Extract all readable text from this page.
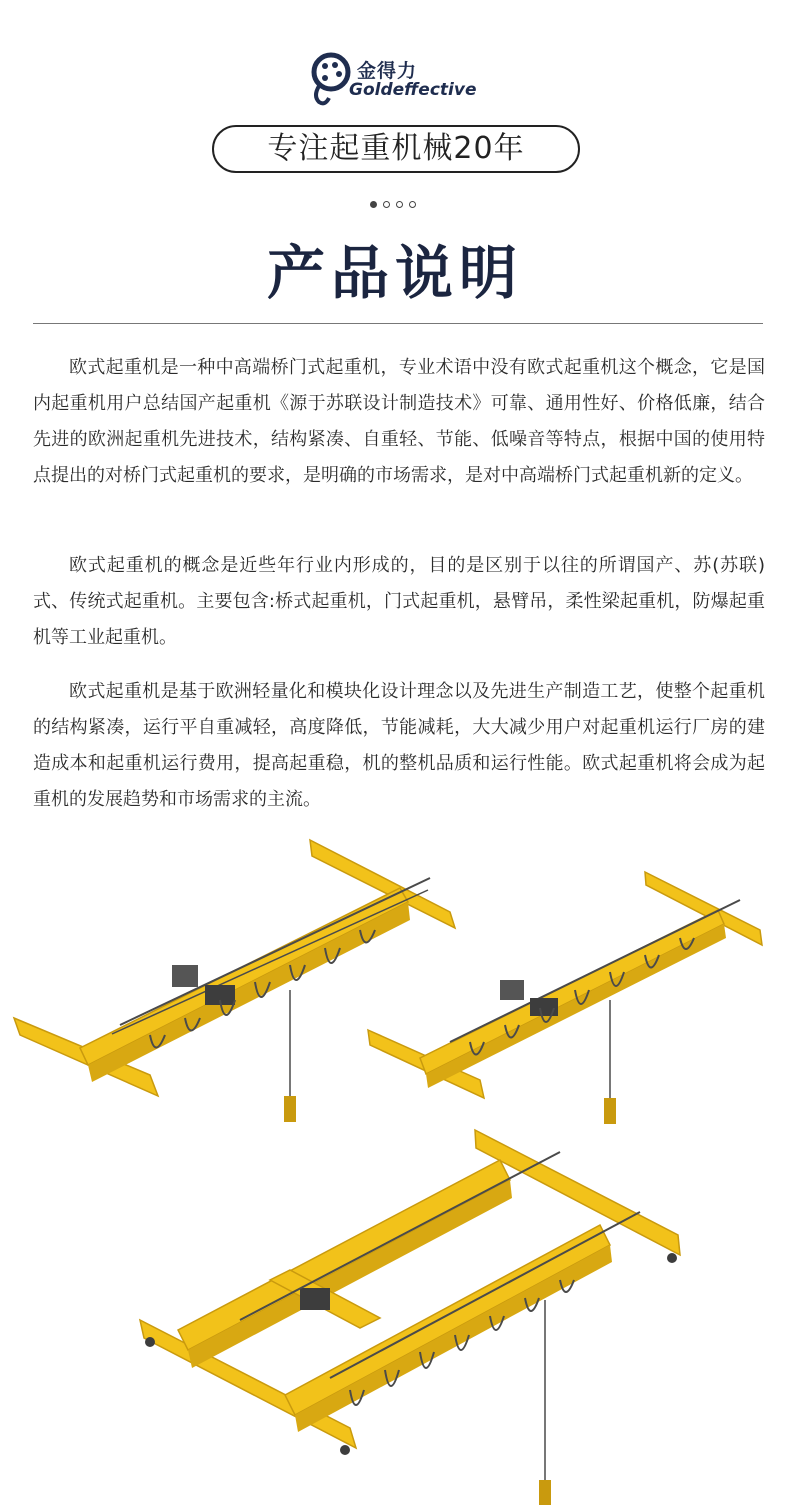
金得力
Goldeffective
专注起重机械20年
产品说明

欧式起重机是一种中高端桥门式起重机，专业术语中没有欧式起重机这个概念，它是国内起重机用户总结国产起重机《源于苏联设计制造技术》可靠、通用性好、价格低廉，结合先进的欧洲起重机先进技术，结构紧凑、自重轻、节能、低噪音等特点，根据中国的使用特点提出的对桥门式起重机的要求，是明确的市场需求，是对中高端桥门式起重机新的定义。

欧式起重机的概念是近些年行业内形成的，目的是区别于以往的所谓国产、苏(苏联)式、传统式起重机。主要包含:桥式起重机，门式起重机，悬臂吊，柔性梁起重机，防爆起重机等工业起重机。

欧式起重机是基于欧洲轻量化和模块化设计理念以及先进生产制造工艺，使整个起重机的结构紧凑，运行平自重减轻，高度降低，节能减耗，大大减少用户对起重机运行厂房的建造成本和起重机运行费用，提高起重稳，机的整机品质和运行性能。欧式起重机将会成为起重机的发展趋势和市场需求的主流。
